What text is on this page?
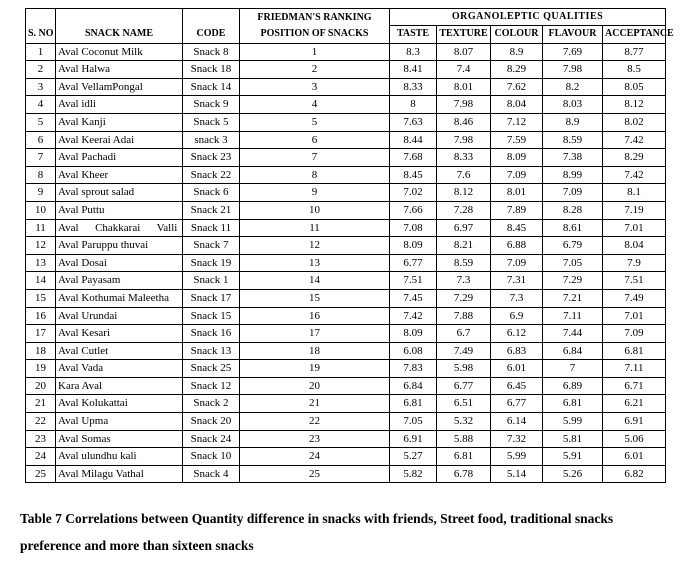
			FRIEDMAN'S RANKING POSITION OF SNACKS	ORGANOLEPTIC QUALITIES				
S. NO	SNACK NAME	CODE		TASTE	TEXTURE	COLOUR	FLAVOUR	ACCEPTANCE
1	Aval Coconut Milk	Snack 8	1	8.3	8.07	8.9	7.69	8.77
2	Aval Halwa	Snack 18	2	8.41	7.4	8.29	7.98	8.5
3	Aval VellamPongal	Snack 14	3	8.33	8.01	7.62	8.2	8.05
4	Aval idli	Snack 9	4	8	7.98	8.04	8.03	8.12
5	Aval Kanji	Snack 5	5	7.63	8.46	7.12	8.9	8.02
6	Aval Keerai Adai	snack 3	6	8.44	7.98	7.59	8.59	7.42
7	Aval Pachadi	Snack 23	7	7.68	8.33	8.09	7.38	8.29
8	Aval Kheer	Snack 22	8	8.45	7.6	7.09	8.99	7.42
9	Aval sprout salad	Snack 6	9	7.02	8.12	8.01	7.09	8.1
10	Aval Puttu	Snack 21	10	7.66	7.28	7.89	8.28	7.19
11	Aval      Chakkarai      Valli	Snack 11	11	7.08	6.97	8.45	8.61	7.01
12	Aval Paruppu thuvai	Snack 7	12	8.09	8.21	6.88	6.79	8.04
13	Aval Dosai	Snack 19	13	6.77	8.59	7.09	7.05	7.9
14	Aval Payasam	Snack 1	14	7.51	7.3	7.31	7.29	7.51
15	Aval Kothumai Maleetha	Snack 17	15	7.45	7.29	7.3	7.21	7.49
16	Aval Urundai	Snack 15	16	7.42	7.88	6.9	7.11	7.01
17	Aval Kesari	Snack 16	17	8.09	6.7	6.12	7.44	7.09
18	Aval Cutlet	Snack 13	18	6.08	7.49	6.83	6.84	6.81
19	Aval Vada	Snack 25	19	7.83	5.98	6.01	7	7.11
20	Kara Aval	Snack 12	20	6.84	6.77	6.45	6.89	6.71
21	Aval Kolukattai	Snack 2	21	6.81	6.51	6.77	6.81	6.21
22	Aval Upma	Snack 20	22	7.05	5.32	6.14	5.99	6.91
23	Aval Somas	Snack 24	23	6.91	5.88	7.32	5.81	5.06
24	Aval ulundhu kali	Snack 10	24	5.27	6.81	5.99	5.91	6.01
25	Aval Milagu Vathal	Snack 4	25	5.82	6.78	5.14	5.26	6.82
Table 7 Correlations between Quantity difference in snacks with friends, Street food, traditional snacks preference and more than sixteen snacks
